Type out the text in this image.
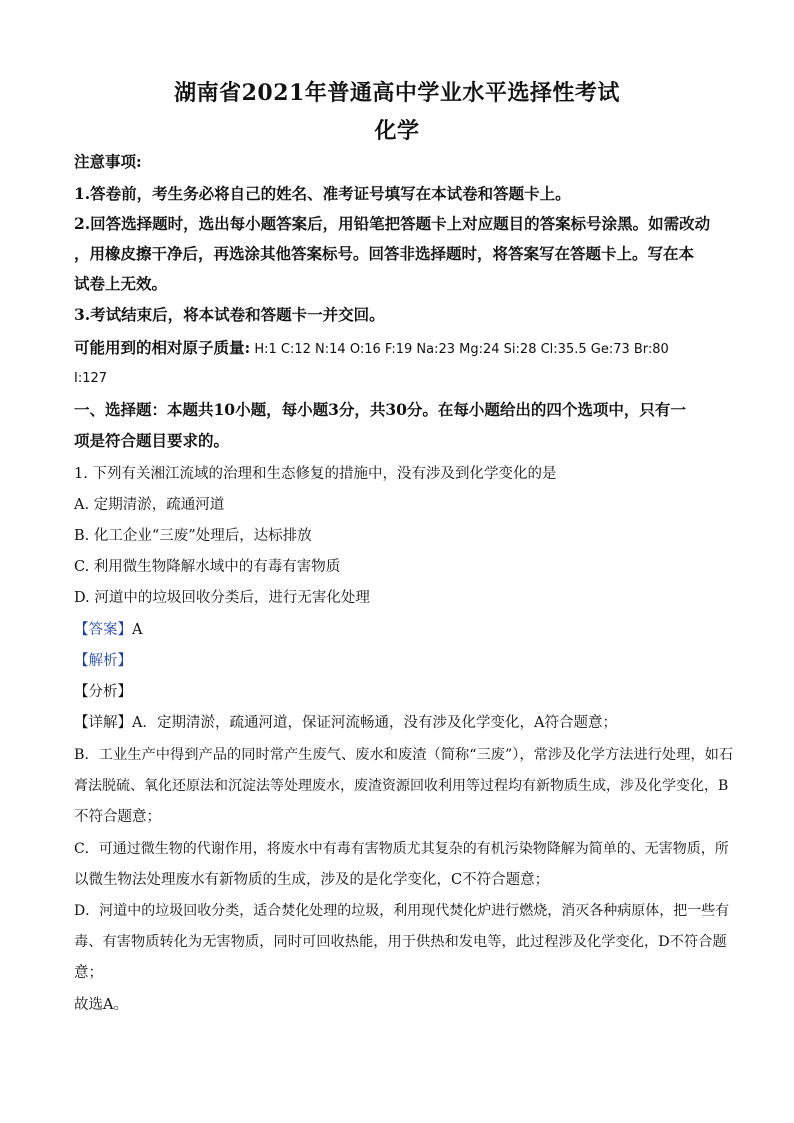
湖南省2021年普通高中学业水平选择性考试
化学
注意事项:
1.答卷前，考生务必将自己的姓名、准考证号填写在本试卷和答题卡上。
2.回答选择题时，选出每小题答案后，用铅笔把答题卡上对应题目的答案标号涂黑。如需改动
，用橡皮擦干净后，再选涂其他答案标号。回答非选择题时，将答案写在答题卡上。写在本
试卷上无效。
3.考试结束后，将本试卷和答题卡一并交回。
可能用到的相对原子质量: H:1 C:12 N:14 O:16 F:19 Na:23 Mg:24 Si:28 Cl:35.5 Ge:73 Br:80
I:127
一、选择题：本题共10小题，每小题3分，共30分。在每小题给出的四个选项中，只有一
项是符合题目要求的。
1. 下列有关湘江流域的治理和生态修复的措施中，没有涉及到化学变化的是
A. 定期清淤，疏通河道
B. 化工企业“三废”处理后，达标排放
C. 利用微生物降解水域中的有毒有害物质
D. 河道中的垃圾回收分类后，进行无害化处理
【答案】A
【解析】
【分析】
【详解】A．定期清淤，疏通河道，保证河流畅通，没有涉及化学变化，A符合题意；
B．工业生产中得到产品的同时常产生废气、废水和废渣（简称“三废”），常涉及化学方法进行处理，如石
膏法脱硫、氧化还原法和沉淀法等处理废水，废渣资源回收利用等过程均有新物质生成，涉及化学变化，B
不符合题意；
C．可通过微生物的代谢作用，将废水中有毒有害物质尤其复杂的有机污染物降解为简单的、无害物质，所
以微生物法处理废水有新物质的生成，涉及的是化学变化，C不符合题意；
D．河道中的垃圾回收分类，适合焚化处理的垃圾，利用现代焚化炉进行燃烧，消灭各种病原体，把一些有
毒、有害物质转化为无害物质，同时可回收热能，用于供热和发电等，此过程涉及化学变化，D不符合题
意；
故选A。
